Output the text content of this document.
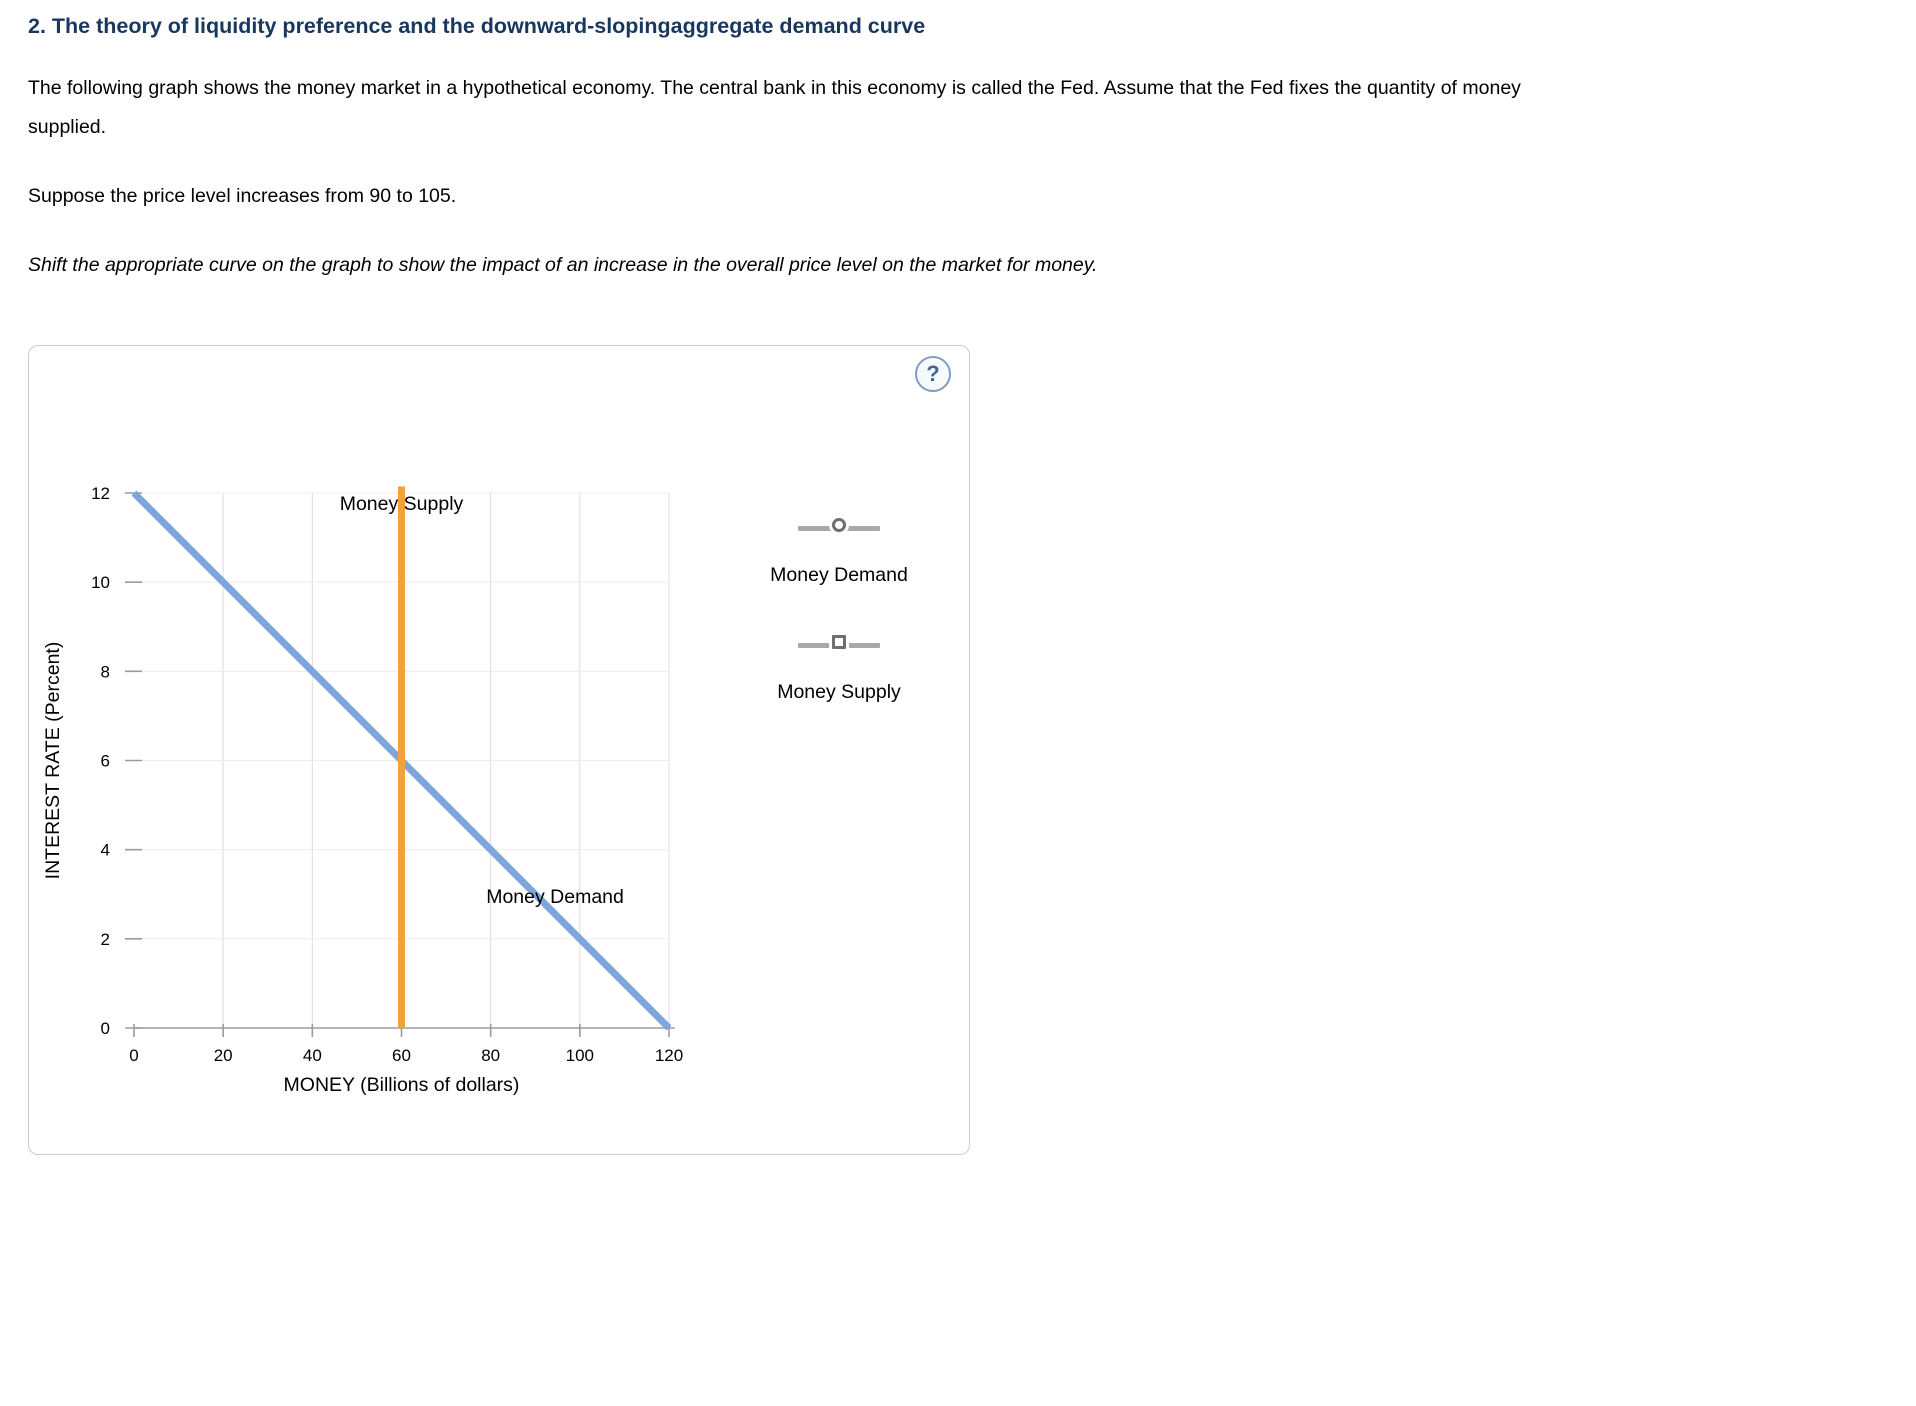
2. The theory of liquidity preference and the downward-slopingaggregate demand curve

The following graph shows the money market in a hypothetical economy. The central bank in this economy is called the Fed. Assume that the Fed fixes the quantity of money supplied.

Suppose the price level increases from 90 to 105.

Shift the appropriate curve on the graph to show the impact of an increase in the overall price level on the market for money.

?
0	20	40	60	80	100	120
0
2
4
6
8
10
12
Money Demand
Money Supply
MONEY (Billions of dollars)
INTEREST RATE (Percent)
Money Demand
Money Supply
